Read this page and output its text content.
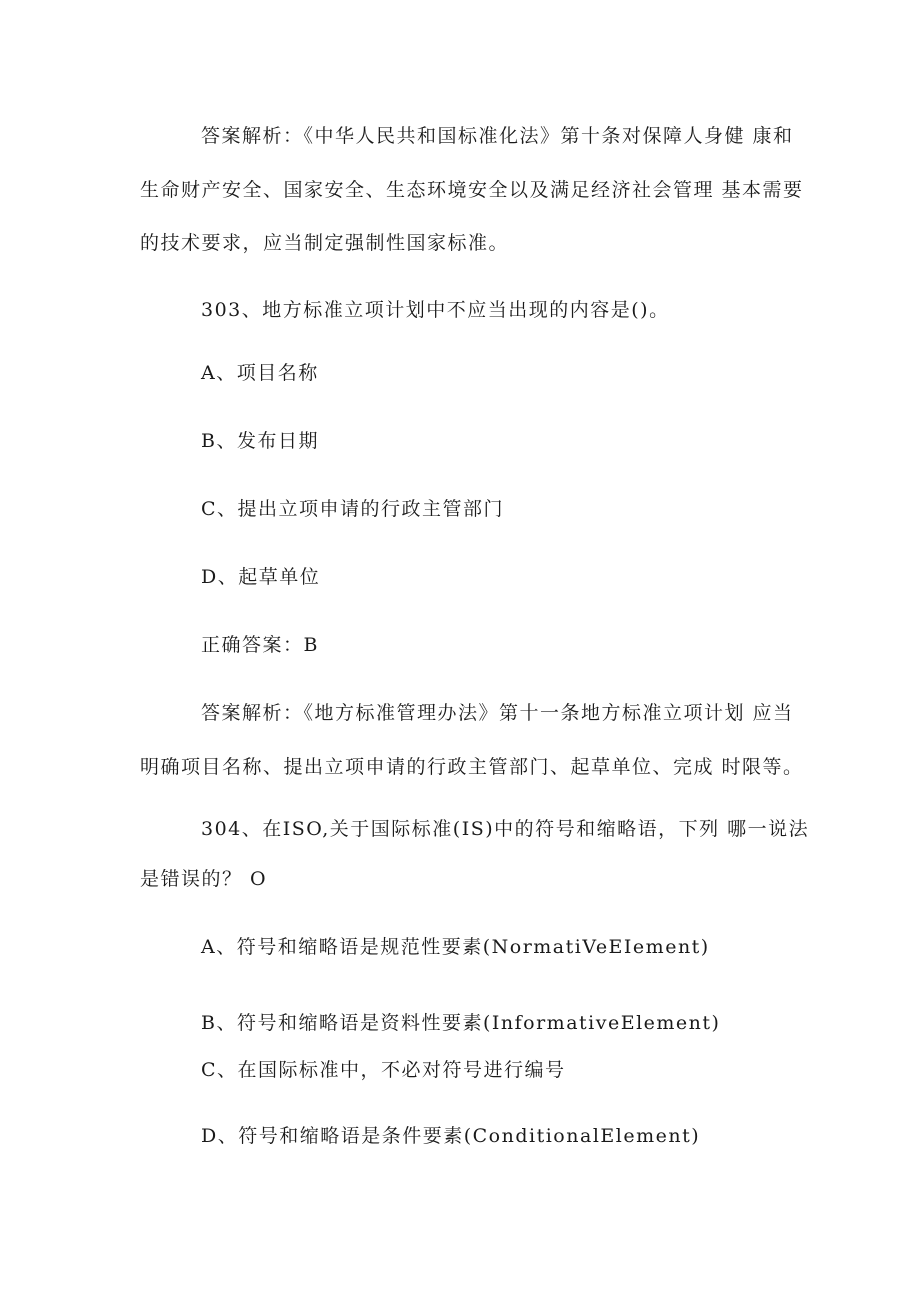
答案解析：《中华人民共和国标准化法》第十条对保障人身健 康和
生命财产安全、国家安全、生态环境安全以及满足经济社会管理 基本需要
的技术要求，应当制定强制性国家标准。
303、地方标准立项计划中不应当出现的内容是()。
A、项目名称
B、发布日期
C、提出立项申请的行政主管部门
D、起草单位
正确答案：B
答案解析：《地方标准管理办法》第十一条地方标准立项计划 应当
明确项目名称、提出立项申请的行政主管部门、起草单位、完成 时限等。
304、在ISO,关于国际标准(IS)中的符号和缩略语，下列 哪一说法
是错误的？ O
A、符号和缩略语是规范性要素(NormatiVeEIement)
B、符号和缩略语是资料性要素(InformativeElement)
C、在国际标准中，不必对符号进行编号
D、符号和缩略语是条件要素(ConditionalElement)
